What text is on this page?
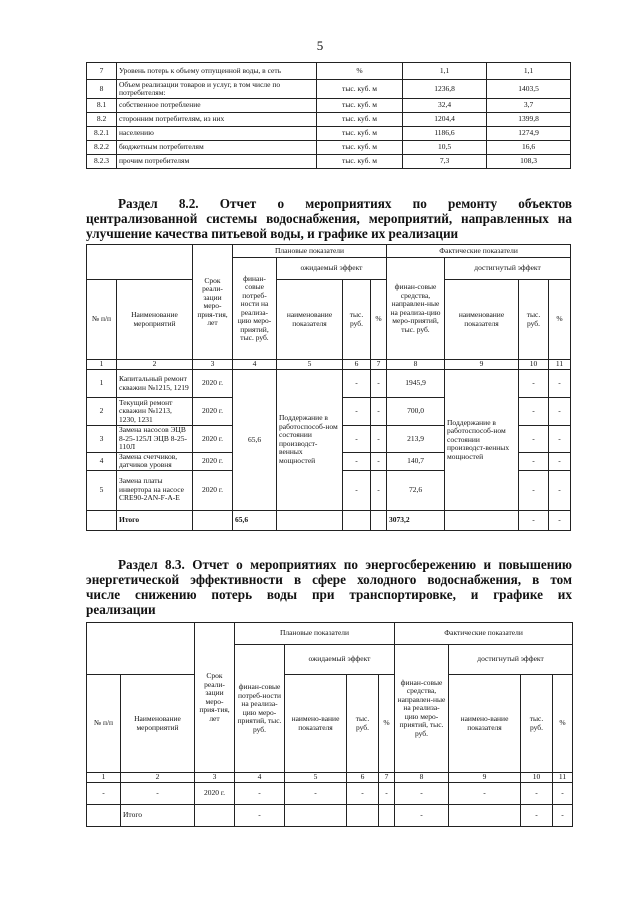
5
7	Уровень потерь к объему отпущенной воды, в сеть	%	1,1	1,1
8	Объем реализации товаров и услуг, в том числе по потребителям:	тыс. куб. м	1236,8	1403,5
8.1	собственное потребление	тыс. куб. м	32,4	3,7
8.2	сторонним потребителям, из них	тыс. куб. м	1204,4	1399,8
8.2.1	населению	тыс. куб. м	1186,6	1274,9
8.2.2	бюджетным потребителям	тыс. куб. м	10,5	16,6
8.2.3	прочим потребителям	тыс. куб. м	7,3	108,3
Раздел 8.2. Отчет о мероприятиях по ремонту объектов
централизованной системы водоснабжения, мероприятий, направленных на
улучшение качества питьевой воды, и графике их реализации
		Срок реали-зации меро-прия-тия, лет	Плановые показатели				Фактические показатели			
			финан-совые потреб-ности на реализа-цию меро-приятий, тыс. руб.	ожидаемый эффект			финан-совые средства, направлен-ные на реализа-цию меро-приятий, тыс. руб.	достигнутый эффект		
№ п/п	Наименование мероприятий			наименование показателя	тыс. руб.	%		наименование показателя	тыс. руб.	%
1	2	3	4	5	6	7	8	9	10	11
1	Капитальный ремонт скважин №1215, 1219	2020 г.	65,6	Поддержание в работоспособ-ном состоянии производст-венных мощностей	-	-	1945,9	Поддержание в работоспособ-ном состоянии производст-венных мощностей	-	-
2	Текущий ремонт скважин №1213, 1230, 1231	2020 г.			-	-	700,0		-	-
3	Замена насосов ЭЦВ 8-25-125Л ЭЦВ 8-25-110Л	2020 г.			-	-	213,9		-	-
4	Замена счетчиков, датчиков уровня	2020 г.			-	-	140,7		-	-
5	Замена платы инвертора на насосе CRE90-2AN-F-A-E	2020 г.			-	-	72,6		-	-
	Итого		65,6				3073,2		-	-
Раздел 8.3. Отчет о мероприятиях по энергосбережению и повышению
энергетической эффективности в сфере холодного водоснабжения, в том
числе снижению потерь воды при транспортировке, и графике их
реализации
		Срок реали-зации меро-прия-тия, лет	Плановые показатели				Фактические показатели			
			финан-совые потреб-ности на реализа-цию меро-приятий, тыс. руб.	ожидаемый эффект			финан-совые средства, направлен-ные на реализа-цию меро-приятий, тыс. руб.	достигнутый эффект		
№ п/п	Наименование мероприятий			наимено-вание показателя	тыс. руб.	%		наимено-вание показателя	тыс. руб.	%
1	2	3	4	5	6	7	8	9	10	11
-	-	2020 г.	-	-	-	-	-	-	-	-
	Итого		-				-		-	-
